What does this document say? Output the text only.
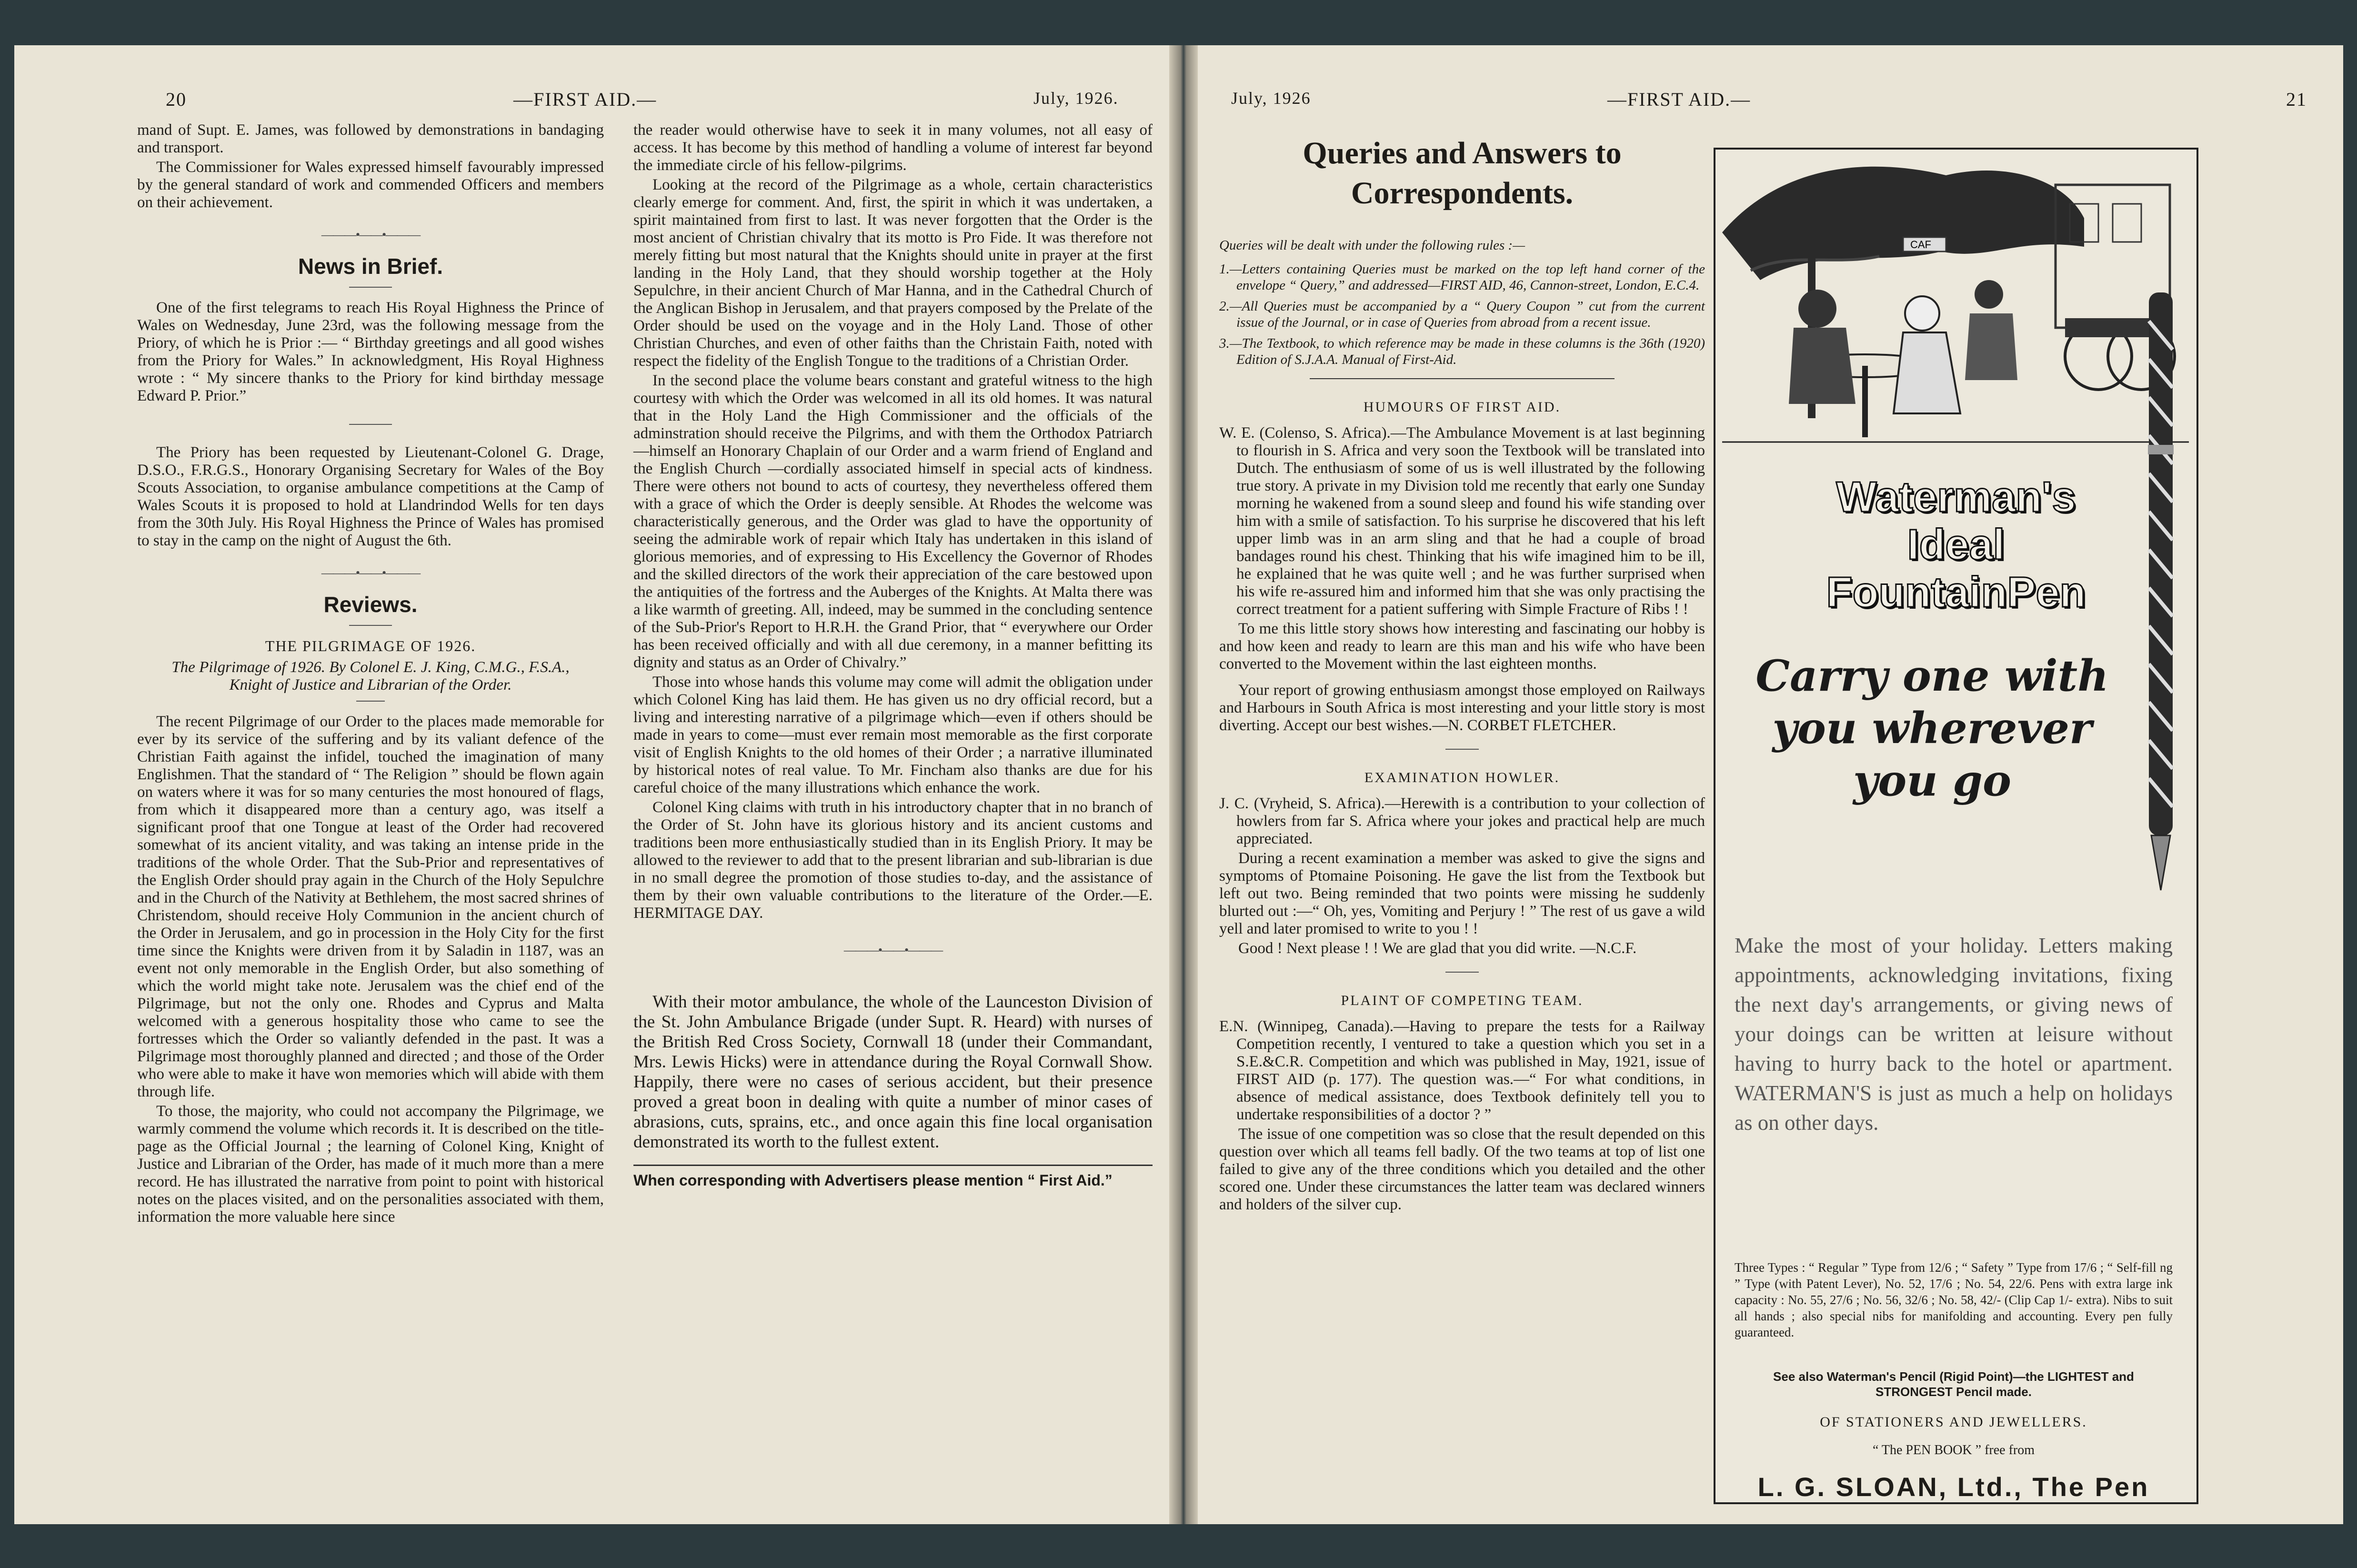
20	—FIRST AID.—	July, 1926.

mand of Supt. E. James, was followed by demonstrations in bandaging and transport.

The Commissioner for Wales expressed himself favourably impressed by the general standard of work and commended Officers and members on their achievement.

———•——•———
News in Brief.

One of the first telegrams to reach His Royal Highness the Prince of Wales on Wednesday, June 23rd, was the following message from the Priory, of which he is Prior :— “ Birthday greetings and all good wishes from the Priory for Wales.” In acknowledgment, His Royal Highness wrote : “ My sincere thanks to the Priory for kind birthday message Edward P. Prior.”

The Priory has been requested by Lieutenant-Colonel G. Drage, D.S.O., F.R.G.S., Honorary Organising Secretary for Wales of the Boy Scouts Association, to organise ambulance competitions at the Camp of Wales Scouts it is proposed to hold at Llandrindod Wells for ten days from the 30th July. His Royal Highness the Prince of Wales has promised to stay in the camp on the night of August the 6th.

———•——•———
Reviews.

THE PILGRIMAGE OF 1926.

The Pilgrimage of 1926. By Colonel E. J. King, C.M.G., F.S.A., Knight of Justice and Librarian of the Order.

The recent Pilgrimage of our Order to the places made memorable for ever by its service of the suffering and by its valiant defence of the Christian Faith against the infidel, touched the imagination of many Englishmen. That the standard of “ The Religion ” should be flown again on waters where it was for so many centuries the most honoured of flags, from which it disappeared more than a century ago, was itself a significant proof that one Tongue at least of the Order had recovered somewhat of its ancient vitality, and was taking an intense pride in the traditions of the whole Order. That the Sub-Prior and representatives of the English Order should pray again in the Church of the Holy Sepulchre and in the Church of the Nativity at Bethlehem, the most sacred shrines of Christendom, should receive Holy Communion in the ancient church of the Order in Jerusalem, and go in procession in the Holy City for the first time since the Knights were driven from it by Saladin in 1187, was an event not only memorable in the English Order, but also something of which the world might take note. Jerusalem was the chief end of the Pilgrimage, but not the only one. Rhodes and Cyprus and Malta welcomed with a generous hospitality those who came to see the fortresses which the Order so valiantly defended in the past. It was a Pilgrimage most thoroughly planned and directed ; and those of the Order who were able to make it have won memories which will abide with them through life.

To those, the majority, who could not accompany the Pilgrimage, we warmly commend the volume which records it. It is described on the title-page as the Official Journal ; the learning of Colonel King, Knight of Justice and Librarian of the Order, has made of it much more than a mere record. He has illustrated the narrative from point to point with historical notes on the places visited, and on the personalities associated with them, information the more valuable here since

the reader would otherwise have to seek it in many volumes, not all easy of access. It has become by this method of handling a volume of interest far beyond the immediate circle of his fellow-pilgrims.

Looking at the record of the Pilgrimage as a whole, certain characteristics clearly emerge for comment. And, first, the spirit in which it was undertaken, a spirit maintained from first to last. It was never forgotten that the Order is the most ancient of Christian chivalry that its motto is Pro Fide. It was therefore not merely fitting but most natural that the Knights should unite in prayer at the first landing in the Holy Land, that they should worship together at the Holy Sepulchre, in their ancient Church of Mar Hanna, and in the Cathedral Church of the Anglican Bishop in Jerusalem, and that prayers composed by the Prelate of the Order should be used on the voyage and in the Holy Land. Those of other Christian Churches, and even of other faiths than the Christain Faith, noted with respect the fidelity of the English Tongue to the traditions of a Christian Order.

In the second place the volume bears constant and grateful witness to the high courtesy with which the Order was welcomed in all its old homes. It was natural that in the Holy Land the High Commissioner and the officials of the adminstration should receive the Pilgrims, and with them the Orthodox Patriarch—himself an Honorary Chaplain of our Order and a warm friend of England and the English Church —cordially associated himself in special acts of kindness. There were others not bound to acts of courtesy, they nevertheless offered them with a grace of which the Order is deeply sensible. At Rhodes the welcome was characteristically generous, and the Order was glad to have the opportunity of seeing the admirable work of repair which Italy has undertaken in this island of glorious memories, and of expressing to His Excellency the Governor of Rhodes and the skilled directors of the work their appreciation of the care bestowed upon the antiquities of the fortress and the Auberges of the Knights. At Malta there was a like warmth of greeting. All, indeed, may be summed in the concluding sentence of the Sub-Prior's Report to H.R.H. the Grand Prior, that “ everywhere our Order has been received officially and with all due ceremony, in a manner befitting its dignity and status as an Order of Chivalry.”

Those into whose hands this volume may come will admit the obligation under which Colonel King has laid them. He has given us no dry official record, but a living and interesting narrative of a pilgrimage which—even if others should be made in years to come—must ever remain most memorable as the first corporate visit of English Knights to the old homes of their Order ; a narrative illuminated by historical notes of real value. To Mr. Fincham also thanks are due for his careful choice of the many illustrations which enhance the work.

Colonel King claims with truth in his introductory chapter that in no branch of the Order of St. John have its glorious history and its ancient customs and traditions been more enthusiastically studied than in its English Priory. It may be allowed to the reviewer to add that to the present librarian and sub-librarian is due in no small degree the promotion of those studies to-day, and the assistance of them by their own valuable contributions to the literature of the Order.—E. HERMITAGE DAY.

———•——•———

With their motor ambulance, the whole of the Launceston Division of the St. John Ambulance Brigade (under Supt. R. Heard) with nurses of the British Red Cross Society, Cornwall 18 (under their Commandant, Mrs. Lewis Hicks) were in attendance during the Royal Cornwall Show. Happily, there were no cases of serious accident, but their presence proved a great boon in dealing with quite a number of minor cases of abrasions, cuts, sprains, etc., and once again this fine local organisation demonstrated its worth to the fullest extent.

When corresponding with Advertisers please mention “ First Aid.”
July, 1926	—FIRST AID.—	21
Queries and Answers to Correspondents.
Queries will be dealt with under the following rules :—

1.—Letters containing Queries must be marked on the top left hand corner of the envelope “ Query,” and addressed—FIRST AID, 46, Cannon-street, London, E.C.4.

2.—All Queries must be accompanied by a “ Query Coupon ” cut from the current issue of the Journal, or in case of Queries from abroad from a recent issue.

3.—The Textbook, to which reference may be made in these columns is the 36th (1920) Edition of S.J.A.A. Manual of First-Aid.

HUMOURS OF FIRST AID.

W. E. (Colenso, S. Africa).—The Ambulance Movement is at last beginning to flourish in S. Africa and very soon the Textbook will be translated into Dutch. The enthusiasm of some of us is well illustrated by the following true story. A private in my Division told me recently that early one Sunday morning he wakened from a sound sleep and found his wife standing over him with a smile of satisfaction. To his surprise he discovered that his left upper limb was in an arm sling and that he had a couple of broad bandages round his chest. Thinking that his wife imagined him to be ill, he explained that he was quite well ; and he was further surprised when his wife re-assured him and informed him that she was only practising the correct treatment for a patient suffering with Simple Fracture of Ribs ! !

To me this little story shows how interesting and fascinating our hobby is and how keen and ready to learn are this man and his wife who have been converted to the Movement within the last eighteen months.

Your report of growing enthusiasm amongst those employed on Railways and Harbours in South Africa is most interesting and your little story is most diverting. Accept our best wishes.—N. CORBET FLETCHER.

EXAMINATION HOWLER.

J. C. (Vryheid, S. Africa).—Herewith is a contribution to your collection of howlers from far S. Africa where your jokes and practical help are much appreciated.

During a recent examination a member was asked to give the signs and symptoms of Ptomaine Poisoning. He gave the list from the Textbook but left out two. Being reminded that two points were missing he suddenly blurted out :—“ Oh, yes, Vomiting and Perjury ! ” The rest of us gave a wild yell and later promised to write to you ! !

Good ! Next please ! ! We are glad that you did write. —N.C.F.

PLAINT OF COMPETING TEAM.

E.N. (Winnipeg, Canada).—Having to prepare the tests for a Railway Competition recently, I ventured to take a question which you set in a S.E.&C.R. Competition and which was published in May, 1921, issue of FIRST AID (p. 177). The question was.—“ For what conditions, in absence of medical assistance, does Textbook definitely tell you to undertake responsibilities of a doctor ? ”

The issue of one competition was so close that the result depended on this question over which all teams fell badly. Of the two teams at top of list one failed to give any of the three conditions which you detailed and the other scored one. Under these circumstances the latter team was declared winners and holders of the silver cup.

CAF
Waterman's
Ideal
FountainPen
Carry one with you wherever you go
Make the most of your holiday. Letters making appointments, acknowledging invitations, fixing the next day's arrangements, or giving news of your doings can be written at leisure without having to hurry back to the hotel or apartment. WATERMAN'S is just as much a help on holidays as on other days.
Three Types : “ Regular ” Type from 12/6 ; “ Safety ” Type from 17/6 ; “ Self-fill ng ” Type (with Patent Lever), No. 52, 17/6 ; No. 54, 22/6. Pens with extra large ink capacity : No. 55, 27/6 ; No. 56, 32/6 ; No. 58, 42/- (Clip Cap 1/- extra). Nibs to suit all hands ; also special nibs for manifolding and accounting. Every pen fully guaranteed.
See also Waterman's Pencil (Rigid Point)—the LIGHTEST and STRONGEST Pencil made.
OF STATIONERS AND JEWELLERS.
“ The PEN BOOK ” free from
L. G. SLOAN, Ltd., The Pen
